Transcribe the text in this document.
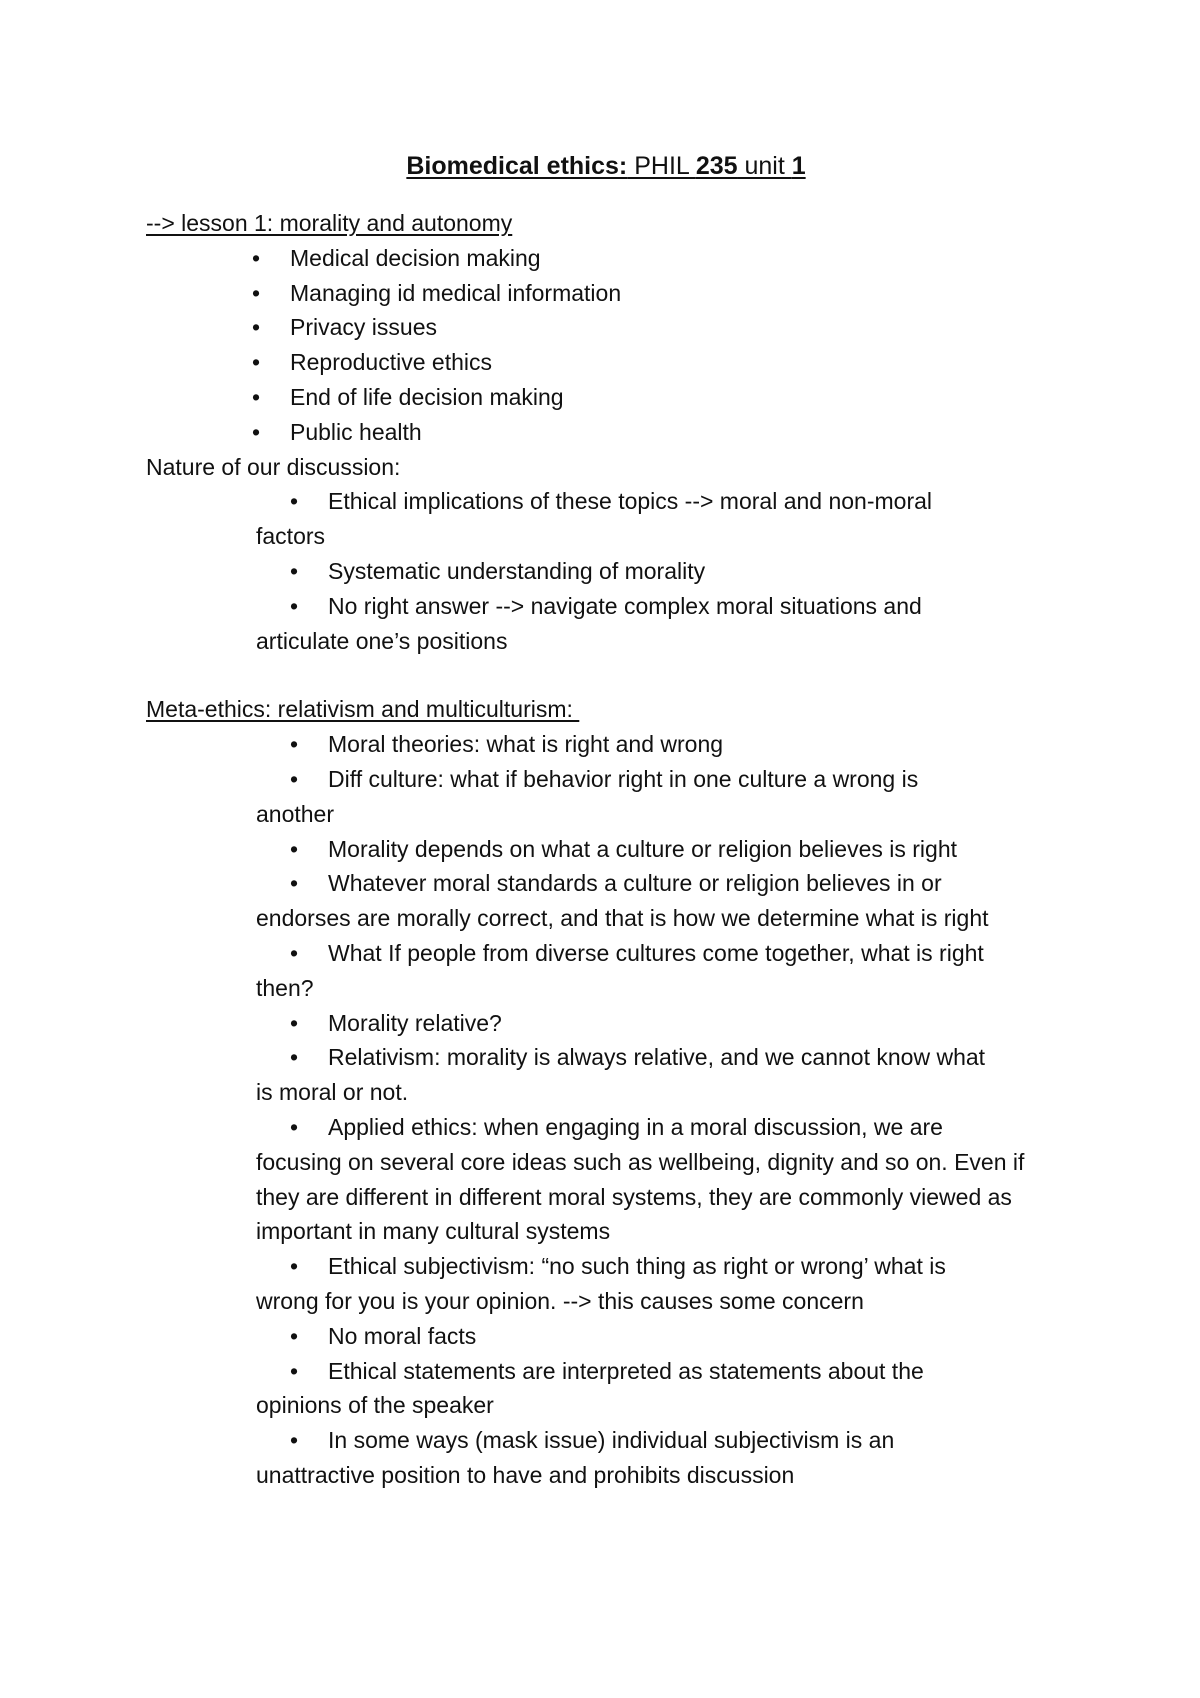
Biomedical ethics: PHIL 235 unit 1
--> lesson 1: morality and autonomy
• Medical decision making
• Managing id medical information
• Privacy issues
• Reproductive ethics
• End of life decision making
• Public health
Nature of our discussion:
• Ethical implications of these topics --> moral and non-moral
factors
• Systematic understanding of morality
• No right answer --> navigate complex moral situations and
articulate one’s positions
Meta-ethics: relativism and multiculturism:
• Moral theories: what is right and wrong
• Diff culture: what if behavior right in one culture a wrong is
another
• Morality depends on what a culture or religion believes is right
• Whatever moral standards a culture or religion believes in or
endorses are morally correct, and that is how we determine what is right
• What If people from diverse cultures come together, what is right
then?
• Morality relative?
• Relativism: morality is always relative, and we cannot know what
is moral or not.
• Applied ethics: when engaging in a moral discussion, we are
focusing on several core ideas such as wellbeing, dignity and so on. Even if they are different in different moral systems, they are commonly viewed as important in many cultural systems
• Ethical subjectivism: “no such thing as right or wrong’ what is
wrong for you is your opinion. --> this causes some concern
• No moral facts
• Ethical statements are interpreted as statements about the
opinions of the speaker
• In some ways (mask issue) individual subjectivism is an
unattractive position to have and prohibits discussion
